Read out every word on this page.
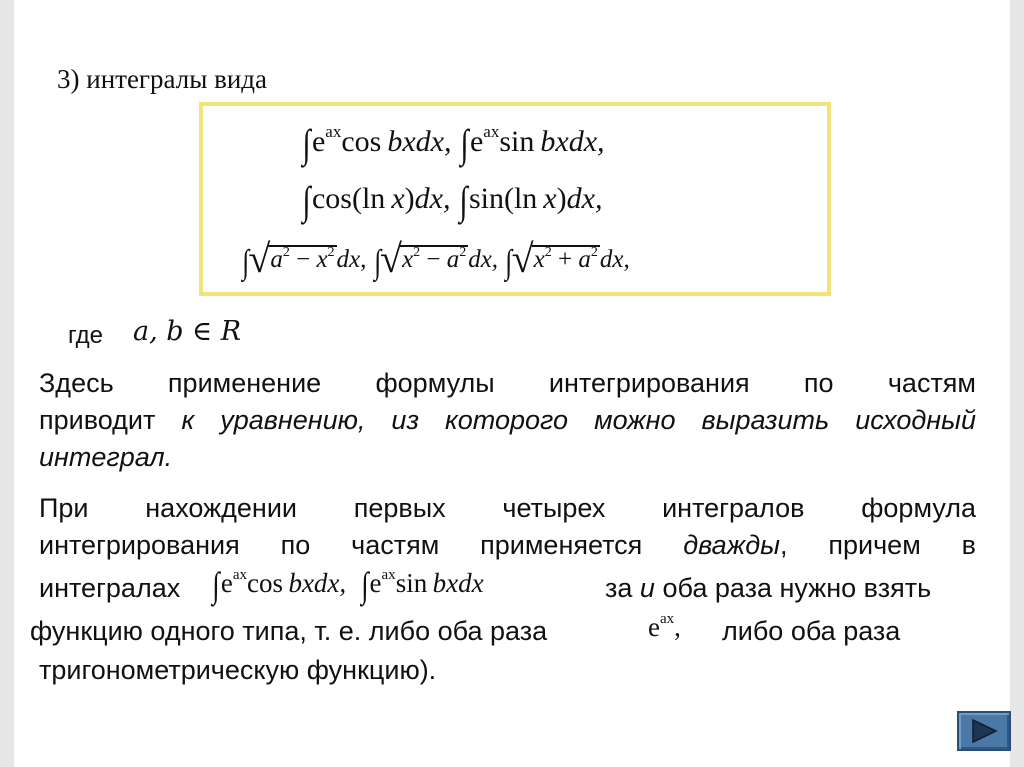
3) интегралы вида
$\int e^{ax}\cos$  bxdx, $\int e^{ax}\sin$  bxdx,
∫cos(ln  x)dx, ∫sin(ln  x)dx,
∫ √ $a^2 - x^2dx$, ∫ √ $x^2 - a^2dx$, ∫ √ $x^2 + a^2dx$,
где a, b ∈ R
Здесь применение формулы интегрирования по частям
приводит к уравнению, из которого можно выразить исходный

интеграл.
При нахождении первых четырех интегралов формула

интегрирования по частям применяется дважды, причем в
интегралах $\int e^{ax}\cos$  bxdx, $\int e^{ax}\sin$  bxdx	за u оба раза нужно взять
функцию одного типа, т. е. либо оба раза	$e^{ax}$, либо оба раза
тригонометрическую функцию).
